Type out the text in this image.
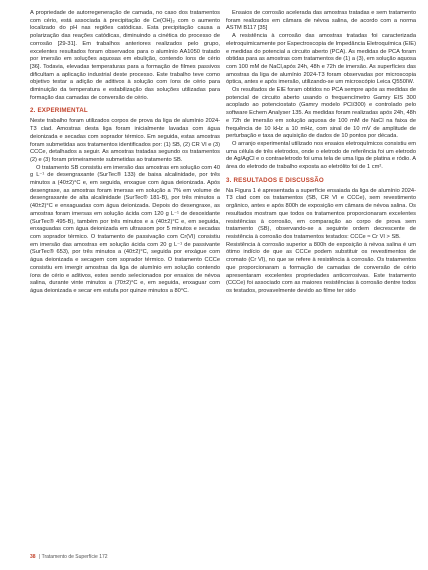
A propriedade de autorregeneração de camada, no caso dos tratamentos com cério, está associada à precipitação de Ce(OH)₃ com o aumento localizado do pH nas regiões catódicas. Esta precipitação causa a polarização das reações catódicas, diminuindo a cinética do processo de corrosão [29-31]. Em trabalhos anteriores realizados pelo grupo, excelentes resultados foram observados para o alumínio AA1050 tratado por imersão em soluções aquosas em ebulição, contendo íons de cério [36]. Todavia, elevadas temperaturas para a formação de filmes passivos dificultam a aplicação industrial deste processo. Este trabalho teve como objetivo testar a adição de aditivos à solução com íons de cério para diminuição da temperatura e estabilização das soluções utilizadas para formação das camadas de conversão de cério.

2. EXPERIMENTAL

Neste trabalho foram utilizados corpos de prova da liga de alumínio 2024-T3 clad. Amostras desta liga foram inicialmente lavadas com água deionizada e secadas com soprador térmico. Em seguida, estas amostras foram submetidas aos tratamentos identificados por: (1) SB, (2) CR VI e (3) CCCe, detalhados a seguir. As amostras tratadas segundo os tratamentos (2) e (3) foram primeiramente submetidas ao tratamento SB.

O tratamento SB consistiu em imersão das amostras em solução com 40 g L⁻¹ de desengraxante (SurTec® 133) de baixa alcalinidade, por três minutos a (40±2)°C e, em seguida, enxague com água deionizada. Após desengraxe, as amostras foram imersas em solução a 7% em volume de desengraxante de alta alcalinidade (SurTec® 181-B), por três minutos a (40±2)°C e enxaguadas com água deionizada. Depois do desengraxe, as amostras foram imersas em solução ácida com 120 g L⁻¹ de desoxidante (SurTec® 495-B), também por três minutos e a (40±2)°C e, em seguida, enxaguadas com água deionizada em ultrassom por 5 minutos e secadas com soprador térmico. O tratamento de passivação com Cr(VI) consistiu em imersão das amostras em solução ácida com 20 g L⁻¹ de passivante (SurTec® 653), por três minutos a (40±2)°C, seguida por enxágue com água deionizada e secagem com soprador térmico. O tratamento CCCe consistiu em imergir amostras da liga de alumínio em solução contendo íons de cério e aditivos, estes sendo selecionados por ensaios de névoa salina, durante vinte minutos a (70±2)°C e, em seguida, enxaguar com água deionizada e secar em estufa por quinze minutos a 80°C.

Ensaios de corrosão acelerada das amostras tratadas e sem tratamento foram realizados em câmara de névoa salina, de acordo com a norma ASTM B117 [35]

A resistência à corrosão das amostras tratadas foi caracterizada eletroquimicamente por Espectroscopia de Impedância Eletroquímica (EIE) e medidas do potencial a circuito aberto (PCA). As medidas de PCA foram obtidas para as amostras com tratamentos de (1) a (3), em solução aquosa com 100 mM de NaCl,após 24h, 48h e 72h de imersão. As superfícies das amostras da liga de alumínio 2024-T3 foram observadas por microscopia óptica, antes e após imersão, utilizando-se um microscópio Leica Q550IW.

Os resultados de EIE foram obtidos no PCA sempre após as medidas de potencial de circuito aberto usando o frequencímetro Gamry EIS 300 acoplado ao potenciostato (Gamry modelo PCI/300) e controlado pelo software Echem Analyser 135. As medidas foram realizadas após 24h, 48h e 72h de imersão em solução aquosa de 100 mM de NaCl na faixa de frequência de 10 kHz a 10 mHz, com sinal de 10 mV de amplitude de perturbação e taxa de aquisição de dados de 10 pontos por década.

O arranjo experimental utilizado nos ensaios eletroquímicos consistiu em uma célula de três eletrodos, onde o eletrodo de referência foi um eletrodo de Ag/AgCl e o contraeletrodo foi uma tela de uma liga de platina e ródio. A área do eletrodo de trabalho exposta ao eletrólito foi de 1 cm².

3. RESULTADOS E DISCUSSÃO

Na Figura 1 é apresentada a superfície ensaiada da liga de alumínio 2024-T3 clad com os tratamentos (SB, CR VI e CCCe), sem revestimento orgânico, antes e após 800h de exposição em câmara de névoa salina. Os resultados mostram que todos os tratamentos proporcionaram excelentes resistências à corrosão, em comparação ao corpo de prova sem tratamento (SB), observando-se a seguinte ordem decrescente de resistência à corrosão dos tratamentos testados: CCCe ≈ Cr VI > SB.

Resistência à corrosão superior a 800h de exposição à névoa salina é um ótimo indício de que as CCCe podem substituir os revestimentos de cromato (Cr VI), no que se refere à resistência à corrosão. Os tratamentos que proporcionaram a formação de camadas de conversão de cério apresentaram excelentes propriedades anticorrosivas. Este tratamento (CCCe) foi associado com as maiores resistências à corrosão dentre todos os testados, provavelmente devido ao filme ter sido

38 | Tratamento de Superfície 172
